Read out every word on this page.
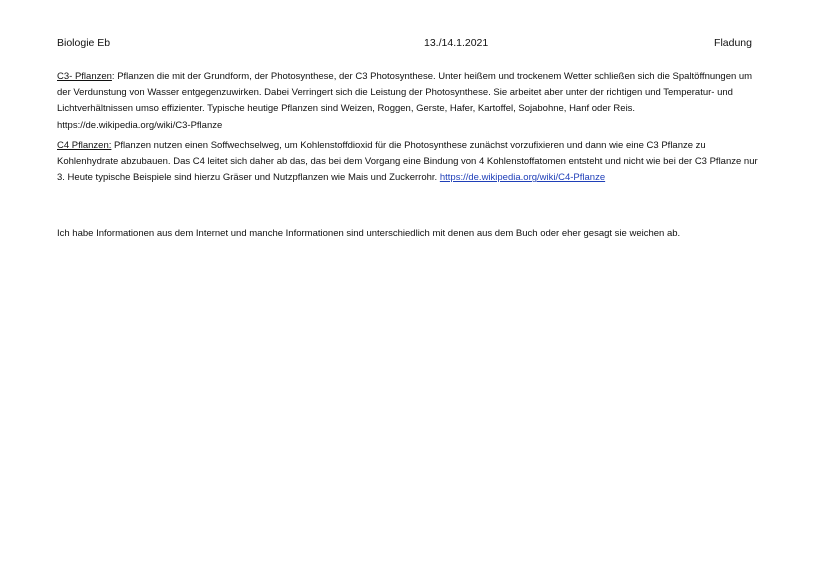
Biologie Eb	13./14.1.2021	Fladung

C3- Pflanzen: Pflanzen die mit der Grundform, der Photosynthese, der C3 Photosynthese. Unter heißem und trockenem Wetter schließen sich die Spaltöffnungen um der Verdunstung von Wasser entgegenzuwirken. Dabei Verringert sich die Leistung der Photosynthese. Sie arbeitet aber unter der richtigen und Temperatur- und Lichtverhältnissen umso effizienter. Typische heutige Pflanzen sind Weizen, Roggen, Gerste, Hafer, Kartoffel, Sojabohne, Hanf oder Reis.
https://de.wikipedia.org/wiki/C3-Pflanze

C4 Pflanzen: Pflanzen nutzen einen Soffwechselweg, um Kohlenstoffdioxid für die Photosynthese zunächst vorzufixieren und dann wie eine C3 Pflanze zu Kohlenhydrate abzubauen. Das C4 leitet sich daher ab das, das bei dem Vorgang eine Bindung von 4 Kohlenstoffatomen entsteht und nicht wie bei der C3 Pflanze nur 3. Heute typische Beispiele sind hierzu Gräser und Nutzpflanzen wie Mais und Zuckerrohr. https://de.wikipedia.org/wiki/C4-Pflanze

Ich habe Informationen aus dem Internet und manche Informationen sind unterschiedlich mit denen aus dem Buch oder eher gesagt sie weichen ab.
